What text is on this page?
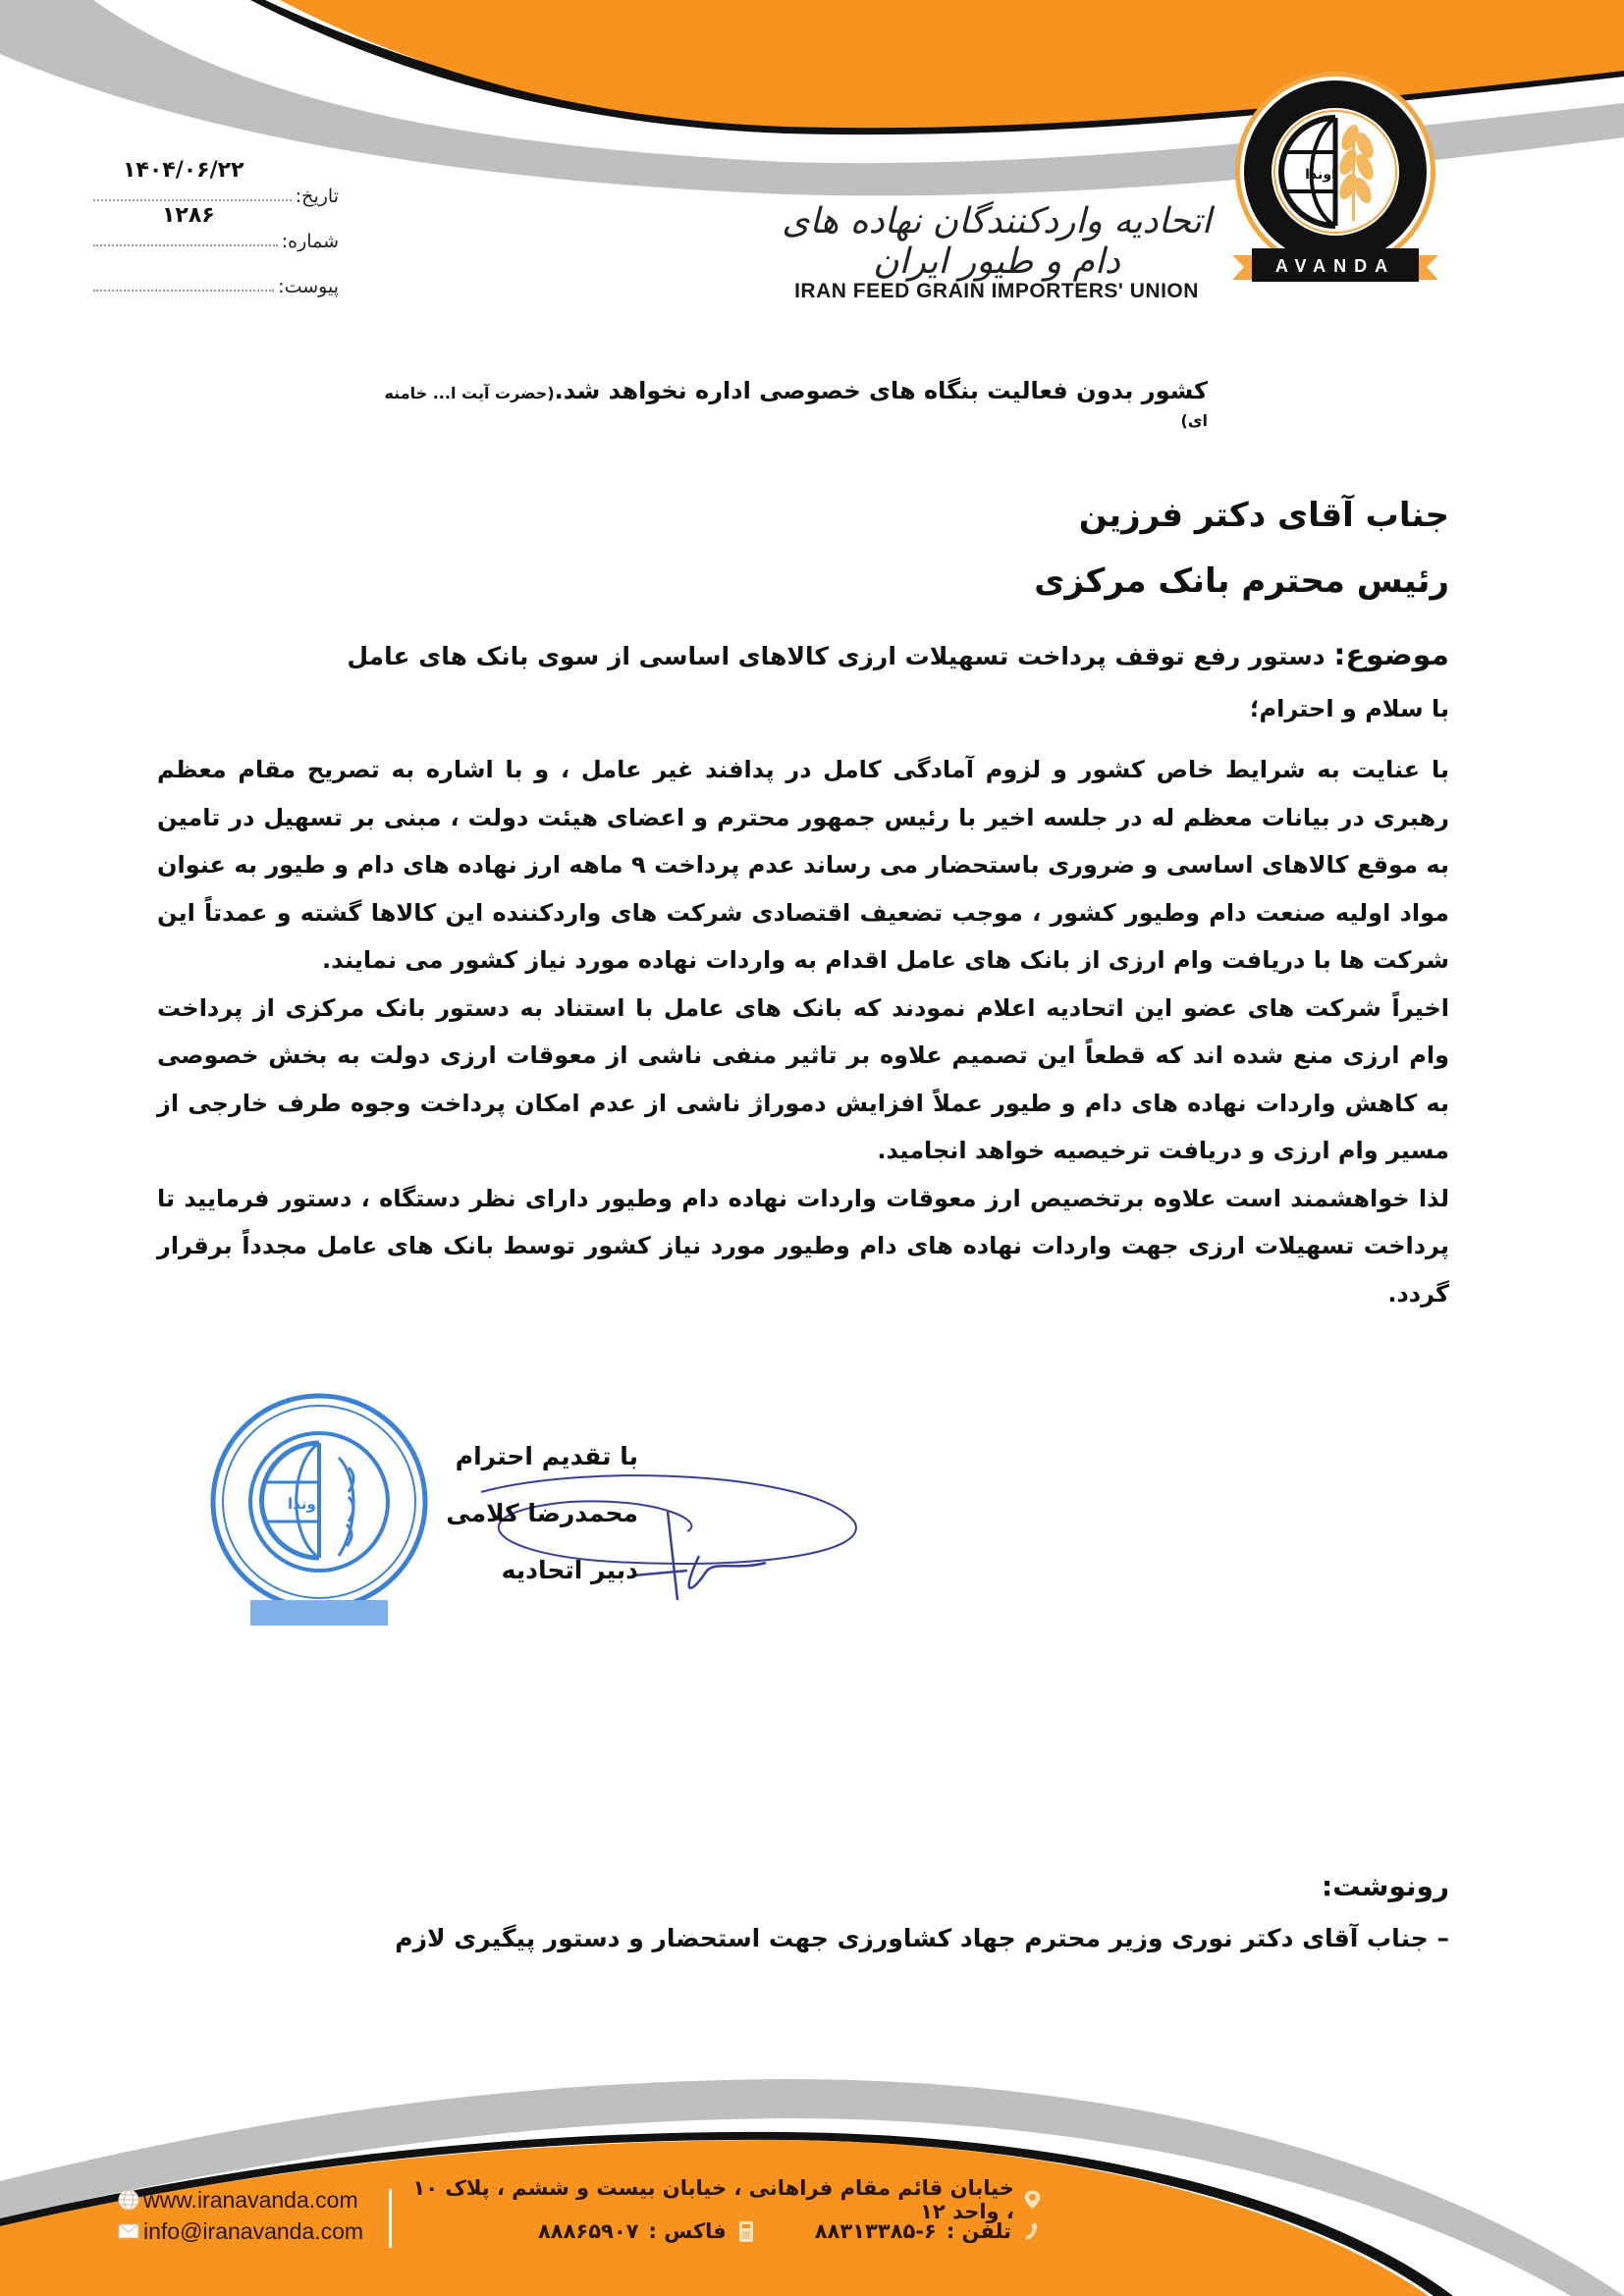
اوندا
AVANDA
اتحادیه واردکنندگان نهاده های دام و طیور ایران
IRAN FEED GRAIN IMPORTERS' UNION
تاریخ:
۱۴۰۴/۰۶/۲۲
شماره:
۱۲۸۶
پیوست:
کشور بدون فعالیت بنگاه های خصوصی اداره نخواهد شد.(حضرت آیت ا... خامنه ای)
جناب آقای دکتر فرزین
رئیس محترم بانک مرکزی
موضوع: دستور رفع توقف پرداخت تسهیلات ارزی کالاهای اساسی از سوی بانک های عامل
با سلام و احترام؛

با عنایت به شرایط خاص کشور و لزوم آمادگی کامل در پدافند غیر عامل ، و با اشاره به تصریح مقام معظم رهبری در بیانات معظم له در جلسه اخیر با رئیس جمهور محترم و اعضای هیئت دولت ، مبنی بر تسهیل در تامین به موقع کالاهای اساسی و ضروری باستحضار می رساند عدم پرداخت ۹ ماهه ارز نهاده های دام و طیور به عنوان مواد اولیه صنعت دام وطیور کشور ، موجب تضعیف اقتصادی شرکت های واردکننده این کالاها گشته و عمدتاً این شرکت ها با دریافت وام ارزی از بانک های عامل اقدام به واردات نهاده مورد نیاز کشور می نمایند.

اخیراً شرکت های عضو این اتحادیه اعلام نمودند که بانک های عامل با استناد به دستور بانک مرکزی از پرداخت وام ارزی منع شده اند که قطعاً این تصمیم علاوه بر تاثیر منفی ناشی از معوقات ارزی دولت به بخش خصوصی به کاهش واردات نهاده های دام و طیور عملاً افزایش دموراژ ناشی از عدم امکان پرداخت وجوه طرف خارجی از مسیر وام ارزی و دریافت ترخیصیه خواهد انجامید.

لذا خواهشمند است علاوه برتخصیص ارز معوقات واردات نهاده دام وطیور دارای نظر دستگاه ، دستور فرمایید تا پرداخت تسهیلات ارزی جهت واردات نهاده های دام وطیور مورد نیاز کشور توسط بانک های عامل مجدداً برقرار گردد.

اوندا
با تقدیم احترام
محمدرضا کلامی
دبیر اتحادیه
رونوشت:
– جناب آقای دکتر نوری وزیر محترم جهاد کشاورزی جهت استحضار و دستور پیگیری لازم
www.iranavanda.com
info@iranavanda.com
خیابان قائم مقام فراهانی ، خیابان بیست و ششم ، پلاک ۱۰ ، واحد ۱۲
تلفن :
۸۸۳۱۳۳۸۵-۶
فاکس :
۸۸۸۶۵۹۰۷
